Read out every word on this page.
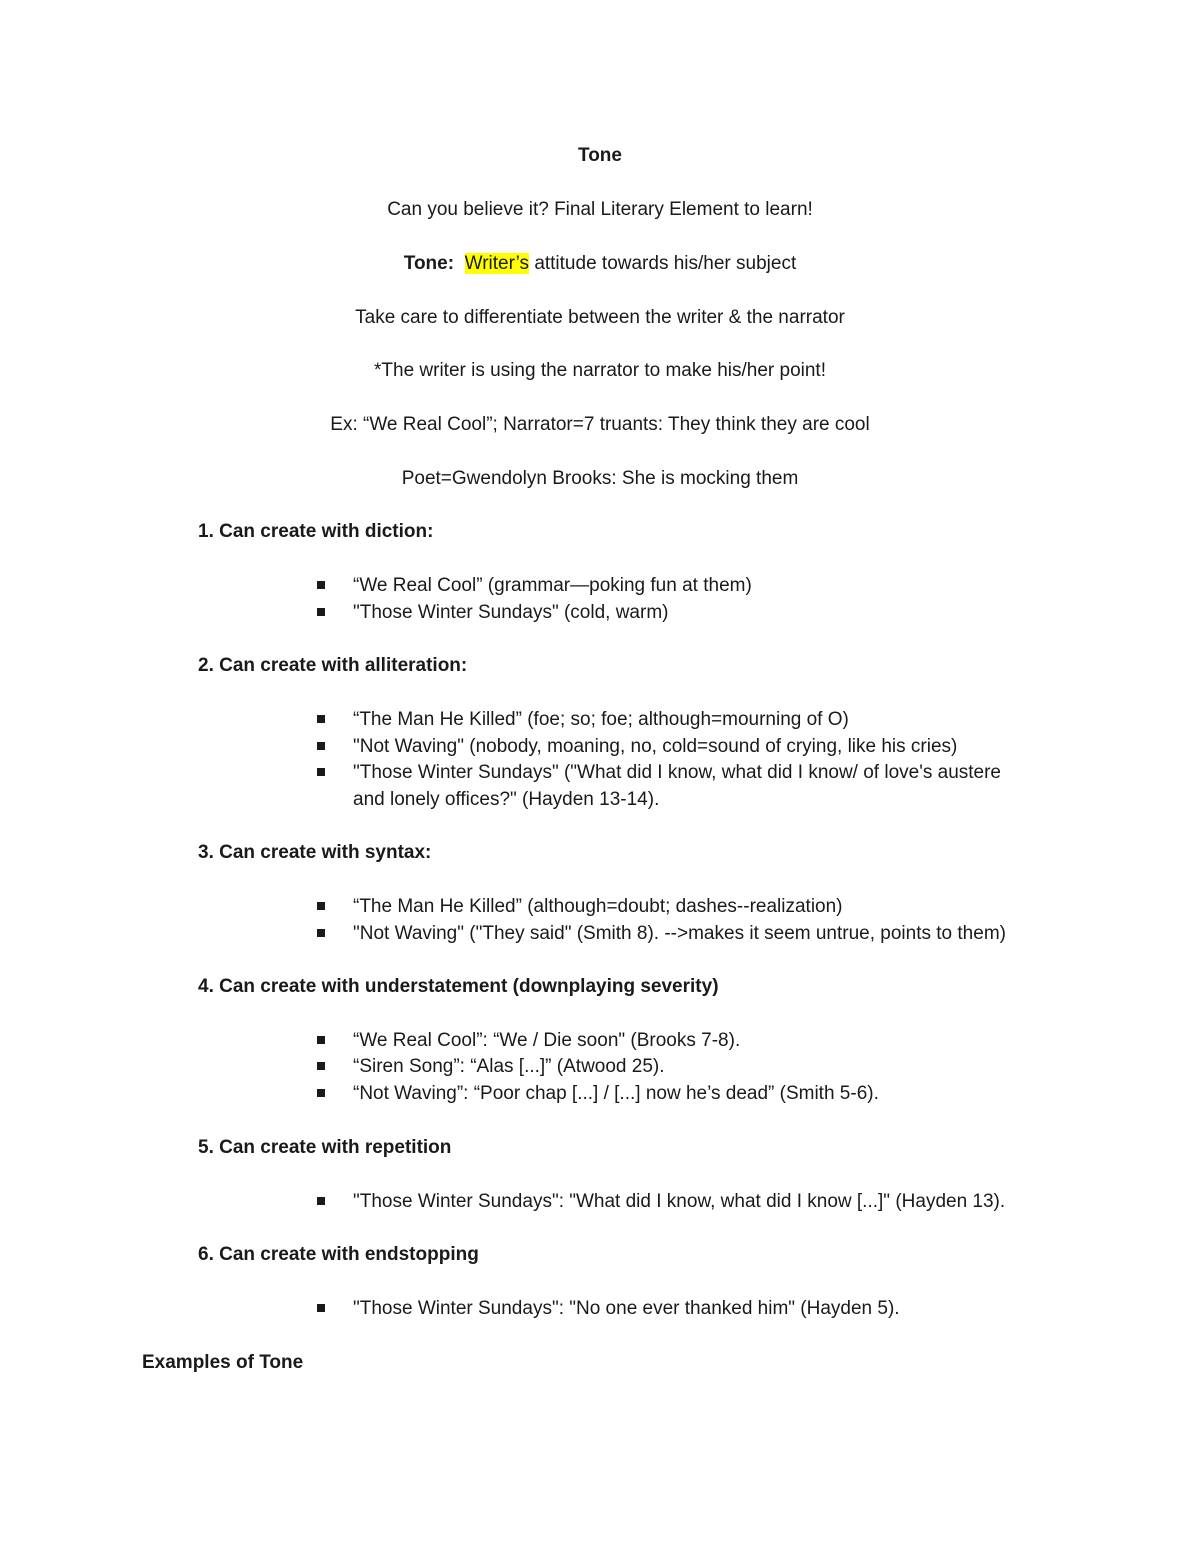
Tone
Can you believe it? Final Literary Element to learn!
Tone: Writer’s attitude towards his/her subject
Take care to differentiate between the writer & the narrator
*The writer is using the narrator to make his/her point!
Ex: “We Real Cool”; Narrator=7 truants: They think they are cool
Poet=Gwendolyn Brooks: She is mocking them
1. Can create with diction:
“We Real Cool” (grammar—poking fun at them)
"Those Winter Sundays" (cold, warm)
2. Can create with alliteration:
“The Man He Killed” (foe; so; foe; although=mourning of O)
"Not Waving" (nobody, moaning, no, cold=sound of crying, like his cries)
"Those Winter Sundays" ("What did I know, what did I know/ of love's austere
and lonely offices?" (Hayden 13-14).
3. Can create with syntax:
“The Man He Killed” (although=doubt; dashes--realization)
"Not Waving" ("They said" (Smith 8). -->makes it seem untrue, points to them)
4. Can create with understatement (downplaying severity)
“We Real Cool”: “We / Die soon" (Brooks 7-8).
“Siren Song”: “Alas [...]” (Atwood 25).
“Not Waving”: “Poor chap [...] / [...] now he’s dead” (Smith 5-6).
5. Can create with repetition
"Those Winter Sundays": "What did I know, what did I know [...]" (Hayden 13).
6. Can create with endstopping
"Those Winter Sundays": "No one ever thanked him" (Hayden 5).
Examples of Tone
